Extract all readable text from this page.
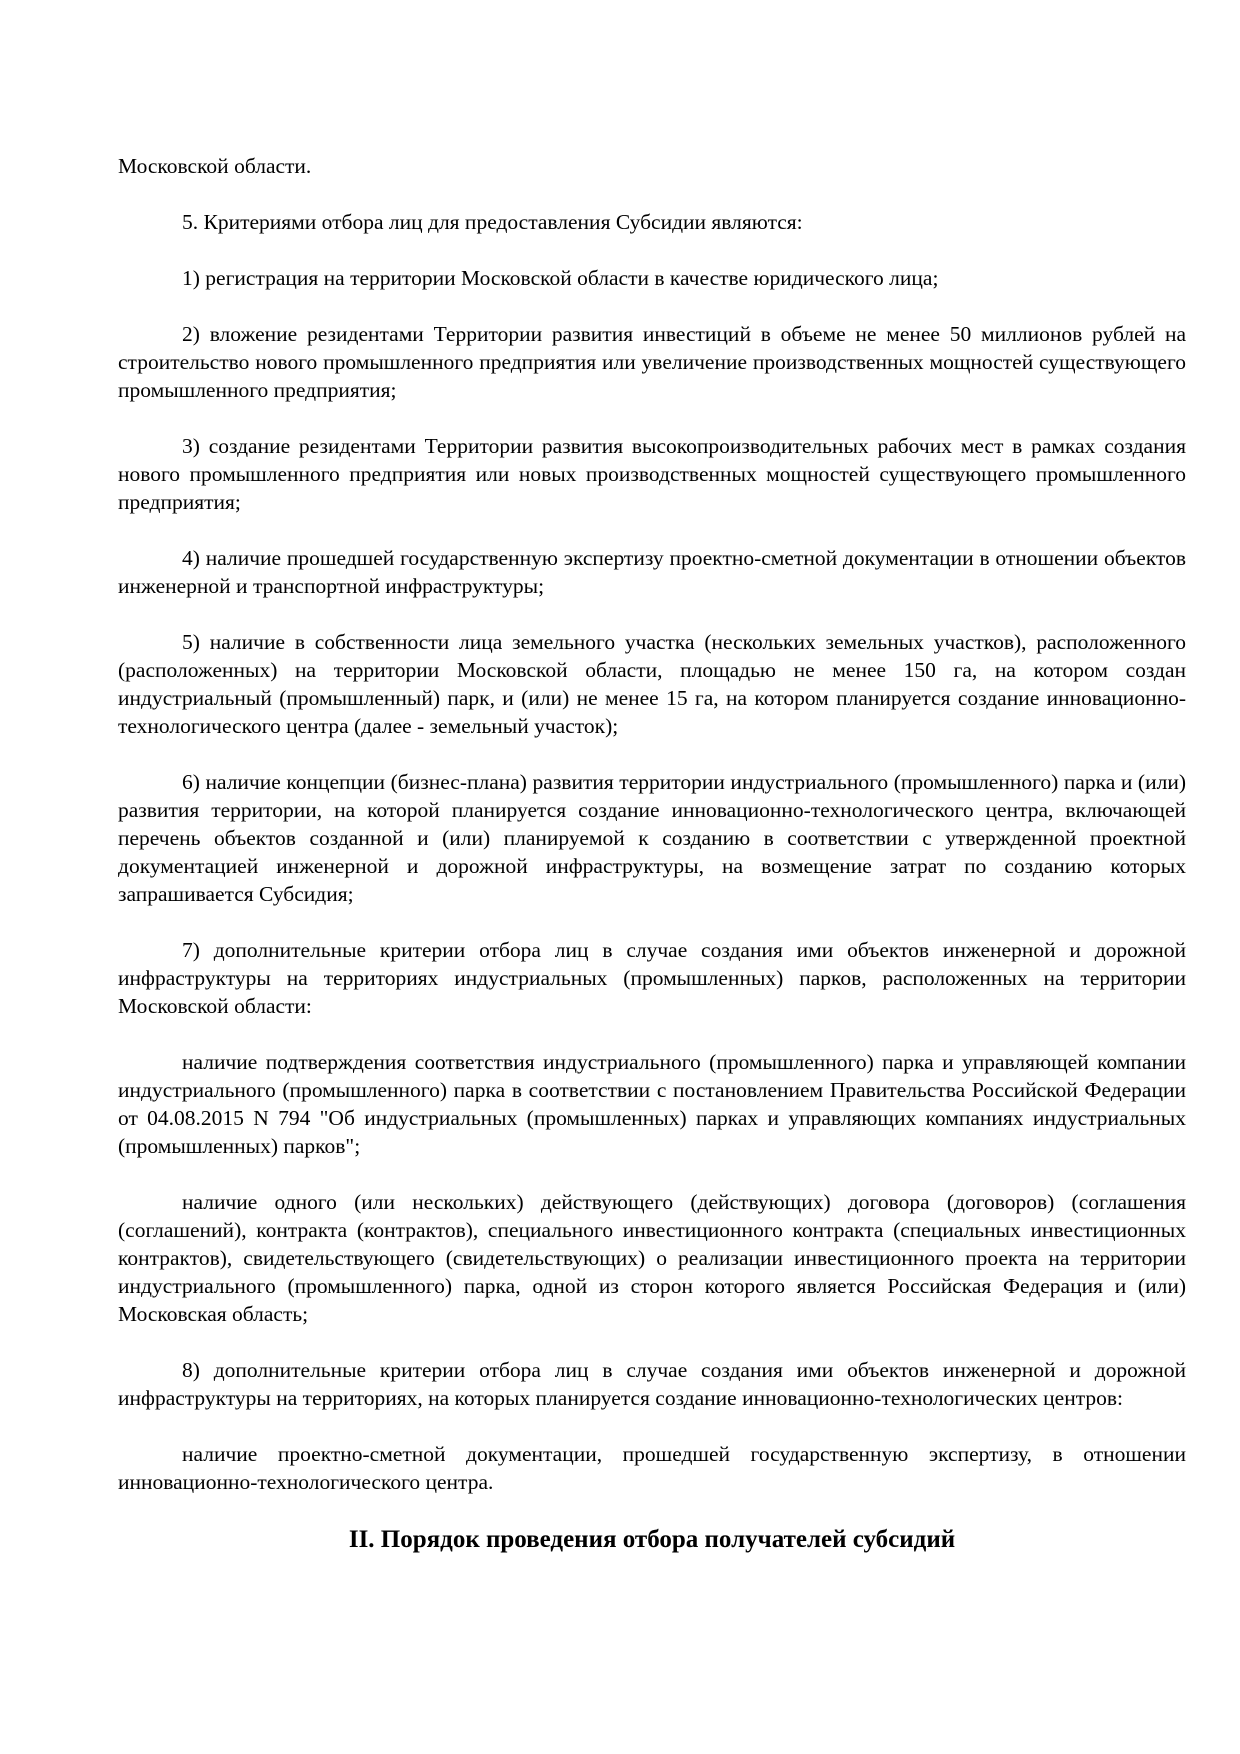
Московской области.

5. Критериями отбора лиц для предоставления Субсидии являются:

1) регистрация на территории Московской области в качестве юридического лица;

2) вложение резидентами Территории развития инвестиций в объеме не менее 50 миллионов рублей на строительство нового промышленного предприятия или увеличение производственных мощностей существующего промышленного предприятия;

3) создание резидентами Территории развития высокопроизводительных рабочих мест в рамках создания нового промышленного предприятия или новых производственных мощностей существующего промышленного предприятия;

4) наличие прошедшей государственную экспертизу проектно-сметной документации в отношении объектов инженерной и транспортной инфраструктуры;

5) наличие в собственности лица земельного участка (нескольких земельных участков), расположенного (расположенных) на территории Московской области, площадью не менее 150 га, на котором создан индустриальный (промышленный) парк, и (или) не менее 15 га, на котором планируется создание инновационно-технологического центра (далее - земельный участок);

6) наличие концепции (бизнес-плана) развития территории индустриального (промышленного) парка и (или) развития территории, на которой планируется создание инновационно-технологического центра, включающей перечень объектов созданной и (или) планируемой к созданию в соответствии с утвержденной проектной документацией инженерной и дорожной инфраструктуры, на возмещение затрат по созданию которых запрашивается Субсидия;

7) дополнительные критерии отбора лиц в случае создания ими объектов инженерной и дорожной инфраструктуры на территориях индустриальных (промышленных) парков, расположенных на территории Московской области:

наличие подтверждения соответствия индустриального (промышленного) парка и управляющей компании индустриального (промышленного) парка в соответствии с постановлением Правительства Российской Федерации от 04.08.2015 N 794 "Об индустриальных (промышленных) парках и управляющих компаниях индустриальных (промышленных) парков";

наличие одного (или нескольких) действующего (действующих) договора (договоров) (соглашения (соглашений), контракта (контрактов), специального инвестиционного контракта (специальных инвестиционных контрактов), свидетельствующего (свидетельствующих) о реализации инвестиционного проекта на территории индустриального (промышленного) парка, одной из сторон которого является Российская Федерация и (или) Московская область;

8) дополнительные критерии отбора лиц в случае создания ими объектов инженерной и дорожной инфраструктуры на территориях, на которых планируется создание инновационно-технологических центров:

наличие проектно-сметной документации, прошедшей государственную экспертизу, в отношении инновационно-технологического центра.

II. Порядок проведения отбора получателей субсидий
